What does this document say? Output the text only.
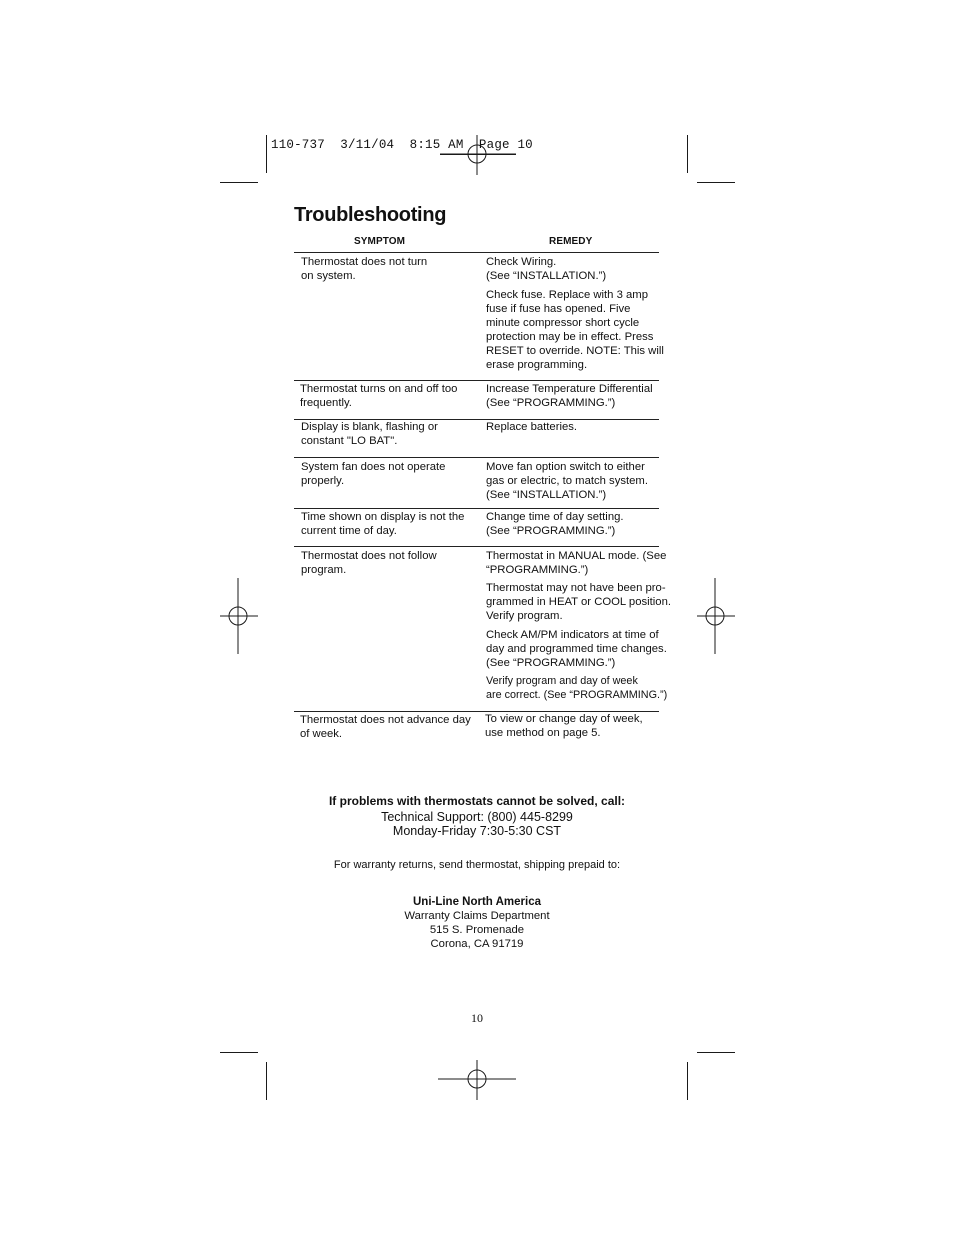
110-737  3/11/04  8:15 AM  Page 10
Troubleshooting
SYMPTOM	REMEDY
Thermostat does not turn
on system.
Check Wiring.
(See “INSTALLATION.”)
Check fuse. Replace with 3 amp
fuse if fuse has opened. Five
minute compressor short cycle
protection may be in effect. Press
RESET to override. NOTE: This will
erase programming.
Thermostat turns on and off too
frequently.
Increase Temperature Differential
(See “PROGRAMMING.”)
Display is blank, flashing or
constant "LO BAT".
Replace batteries.
System fan does not operate
properly.
Move fan option switch to either
gas or electric, to match system.
(See “INSTALLATION.”)
Time shown on display is not the
current time of day.
Change time of day setting.
(See “PROGRAMMING.”)
Thermostat does not follow
program.
Thermostat in MANUAL mode. (See
“PROGRAMMING.”)
Thermostat may not have been pro-
grammed in HEAT or COOL position.
Verify program.
Check AM/PM indicators at time of
day and programmed time changes.
(See “PROGRAMMING.”)
Verify program and day of week
are correct. (See “PROGRAMMING.”)
Thermostat does not advance day
of week.
To view or change day of week,
use method on page 5.
If problems with thermostats cannot be solved, call:
Technical Support: (800) 445-8299
Monday-Friday 7:30-5:30 CST
For warranty returns, send thermostat, shipping prepaid to:
Uni-Line North America
Warranty Claims Department
515 S. Promenade
Corona, CA 91719
10
